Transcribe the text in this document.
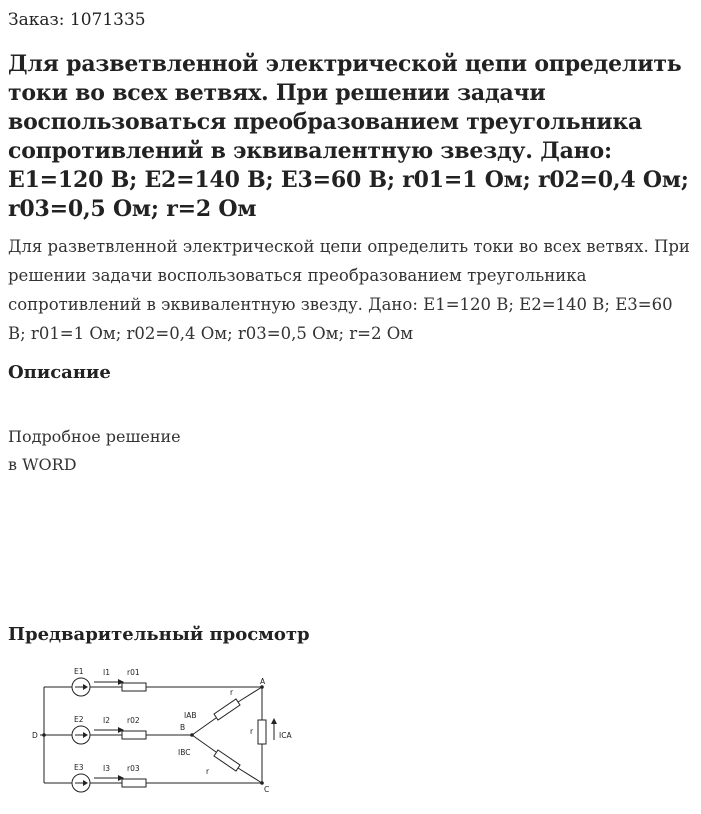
Заказ: 1071335
Для разветвленной электрической цепи определить токи во всех ветвях. При решении задачи воспользоваться преобразованием треугольника сопротивлений в эквивалентную звезду. Дано: E1=120 В; E2=140 В; E3=60 В; r01=1 Ом; r02=0,4 Ом; r03=0,5 Ом; r=2 Ом
Для разветвленной электрической цепи определить токи во всех ветвях. При решении задачи воспользоваться преобразованием треугольника сопротивлений в эквивалентную звезду. Дано: E1=120 В; E2=140 В; E3=60 В; r01=1 Ом; r02=0,4 Ом; r03=0,5 Ом; r=2 Ом
Описание
Подробное решение
в WORD
Предварительный просмотр
E1
E2
E3
I1
I2
I3
r01
r02
r03
A
B
C
D
IAB
IBC
ICA
r
r
r
